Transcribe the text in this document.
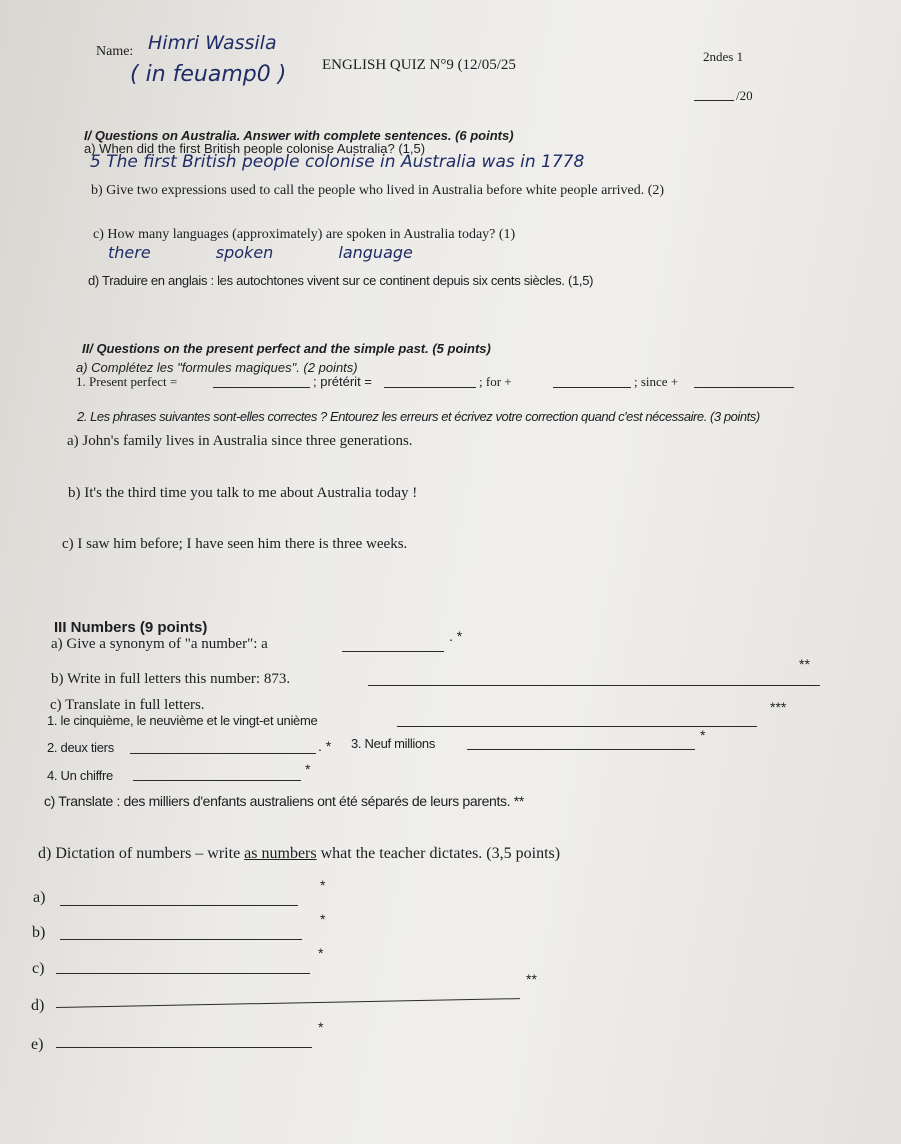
Name: Himri Wassila
( in feuamp0 ) ENGLISH QUIZ N°9 (12/05/25
2ndes 1
/20
I/ Questions on Australia. Answer with complete sentences. (6 points)
a) When did the first British people colonise Australia? (1,5)
5 The first British people colonise in Australia was in 1778
b) Give two expressions used to call the people who lived in Australia before white people arrived. (2)
c) How many languages (approximately) are spoken in Australia today? (1)
there spoken language
d) Traduire en anglais : les autochtones vivent sur ce continent depuis six cents siècles. (1,5)
II/ Questions on the present perfect and the simple past. (5 points)
a) Complétez les "formules magiques". (2 points)
1. Present perfect =	; prétérit =	; for +	; since +
2. Les phrases suivantes sont-elles correctes ? Entourez les erreurs et écrivez votre correction quand c'est nécessaire. (3 points)
a) John's family lives in Australia since three generations.
b) It's the third time you talk to me about Australia today !
c) I saw him before; I have seen him there is three weeks.
III Numbers (9 points)
a) Give a synonym of "a number": a	. *
b) Write in full letters this number: 873.
**
c) Translate in full letters.
1. le cinquième, le neuvième et le vingt-et unième
***
2. deux tiers	. * 3. Neuf millions
*
4. Un chiffre	*
c) Translate : des milliers d'enfants australiens ont été séparés de leurs parents. **
d) Dictation of numbers – write as numbers what the teacher dictates. (3,5 points)
a)
*
b)
*
c)
*
d)
**
e)
*
